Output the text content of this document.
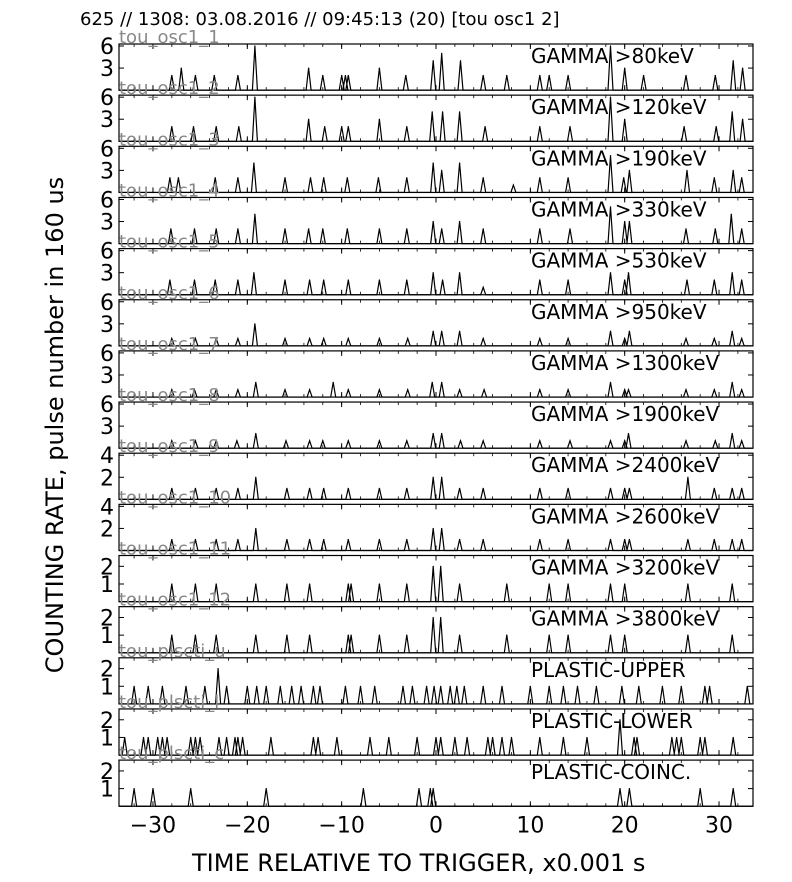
625 // 1308: 03.08.2016 // 09:45:13 (20) [tou osc1 2]
COUNTING RATE, pulse number in 160 us
3
6	GAMMA >80keV
tou_osc1_1
3
6	GAMMA >120keV
tou_osc1_2
3
6	GAMMA >190keV
tou_osc1_3
3
6	GAMMA >330keV
tou_osc1_4
3
6	GAMMA >530keV
tou_osc1_5
3
6	GAMMA >950keV
tou_osc1_6
3
6	GAMMA >1300keV
tou_osc1_7
3
6	GAMMA >1900keV
tou_osc1_8
2
4	GAMMA >2400keV
tou_osc1_9
2
4	GAMMA >2600keV
tou_osc1_10
1
2	GAMMA >3200keV
tou_osc1_11
1
2	GAMMA >3800keV
tou_osc1_12
1
2	PLASTIC-UPPER
tou_plscti_u
1
2	PLASTIC-LOWER
tou_plscti_l
1
2	PLASTIC-COINC.
tou_plscti_c
−30 −20 −10	0	10	20	30
TIME RELATIVE TO TRIGGER, x0.001 s
